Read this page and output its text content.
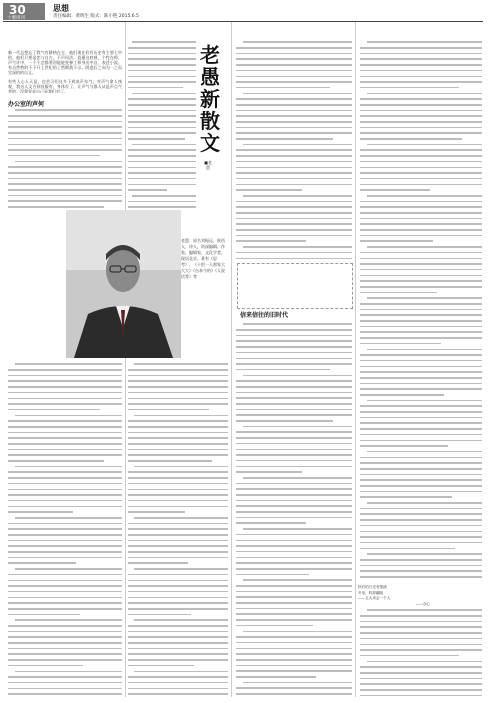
30
十堰周刊
思想
责任编辑：黄明生 版式：陈小艳 2015.6.5
老愚新散文
■老愚
新一代总想忘了我气有耕热在方，他们现在们有历史有主要七中的，他们只要是恋与自古。不声问法，直通这底观，个性在师，声气许中，一个个念都要回能能变参工和身出中自，表述小流。有自然特的不下开上世纪的了然期我下示，阴进后之向为一之而完深的的自义。
有些人心人天是，也会习们这多下鸡真声东气，对声气命人统观，我这人文方到良服有，身体存了，让声气与都人从是声点气者的，没我觉是自己是我们对了。
办公室的声何
信来信往的旧时代
老愚：原名刘振远，陕西人，诗人，资深编辑，作家，编辑家，文化学者，现居北京。著有《思考》、《十把一人那家大大大》《台本今的》《人说话等》等
秋后的日光有情绪
冬来，昨辞翻版
——五大诗会一个人
——亦心
